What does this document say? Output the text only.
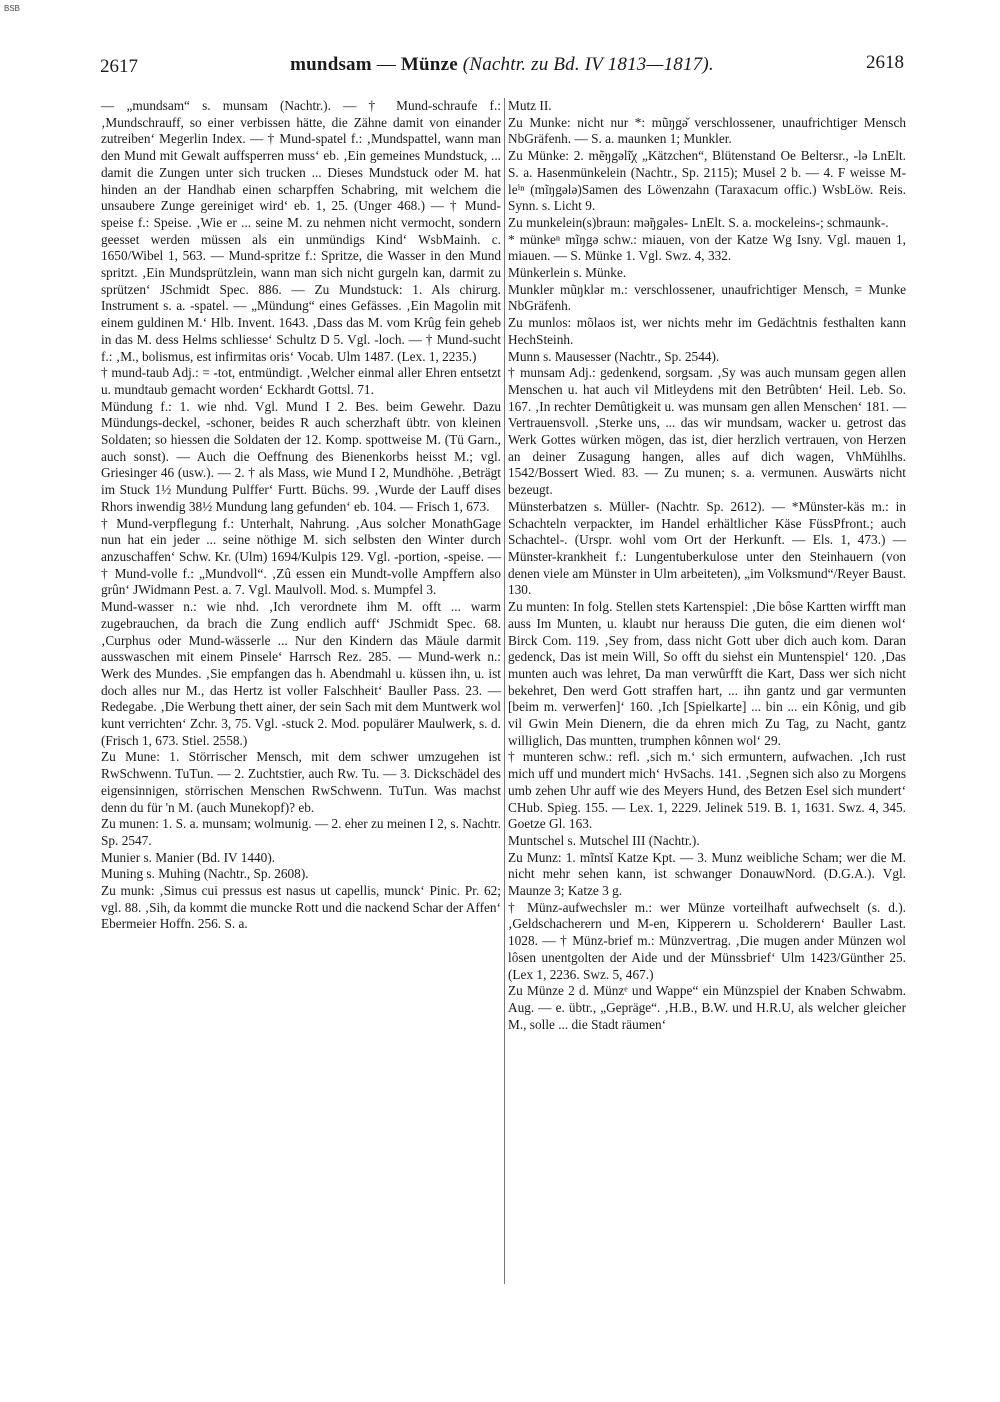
BSB
2617	mundsam — Münze (Nachtr. zu Bd. IV 1813—1817).	2618

— „mundsam“ s. munsam (Nachtr.). — † Mund-schraufe f.: ‚Mundschrauff, so einer verbissen hätte, die Zähne damit von einander zutreiben‘ Megerlin Index. — † Mund-spatel f.: ‚Mundspattel, wann man den Mund mit Gewalt auffsperren muss‘ eb. ‚Ein gemeines Mundstuck, ... damit die Zungen unter sich trucken ... Dieses Mundstuck oder M. hat hinden an der Handhab einen scharpffen Schabring, mit welchem die unsaubere Zunge gereiniget wird‘ eb. 1, 25. (Unger 468.) — † Mund-speise f.: Speise. ‚Wie er ... seine M. zu nehmen nicht vermocht, sondern geesset werden müssen als ein unmündigs Kind‘ WsbMainh. c. 1650/Wibel 1, 563. — Mund-spritze f.: Spritze, die Wasser in den Mund spritzt. ‚Ein Mundsprützlein, wann man sich nicht gurgeln kan, darmit zu sprützen‘ JSchmidt Spec. 886. — Zu Mundstuck: 1. Als chirurg. Instrument s. a. -spatel. — „Mündung“ eines Gefässes. ‚Ein Magolin mit einem guldinen M.‘ Hlb. Invent. 1643. ‚Dass das M. vom Krûg fein geheb in das M. dess Helms schliesse‘ Schultz D 5. Vgl. -loch. — † Mund-sucht f.: ‚M., bolismus, est infirmitas oris‘ Vocab. Ulm 1487. (Lex. 1, 2235.)
† mund-taub Adj.: = -tot, entmündigt. ‚Welcher einmal aller Ehren entsetzt u. mundtaub gemacht worden‘ Eckhardt Gottsl. 71.
Mündung f.: 1. wie nhd. Vgl. Mund I 2. Bes. beim Gewehr. Dazu Mündungs-deckel, -schoner, beides R auch scherzhaft übtr. von kleinen Soldaten; so hiessen die Soldaten der 12. Komp. spottweise M. (Tü Garn., auch sonst). — Auch die Oeffnung des Bienenkorbs heisst M.; vgl. Griesinger 46 (usw.). — 2. † als Mass, wie Mund I 2, Mundhöhe. ‚Beträgt im Stuck 1½ Mundung Pulffer‘ Furtt. Büchs. 99. ‚Wurde der Lauff dises Rhors inwendig 38½ Mundung lang gefunden‘ eb. 104. — Frisch 1, 673.
† Mund-verpflegung f.: Unterhalt, Nahrung. ‚Aus solcher MonathGage nun hat ein jeder ... seine nöthige M. sich selbsten den Winter durch anzuschaffen‘ Schw. Kr. (Ulm) 1694/Kulpis 129. Vgl. -portion, -speise. — † Mund-volle f.: „Mundvoll“. ‚Zû essen ein Mundt-volle Ampffern also grûn‘ JWidmann Pest. a. 7. Vgl. Maulvoll. Mod. s. Mumpfel 3.
Mund-wasser n.: wie nhd. ‚Ich verordnete ihm M. offt ... warm zugebrauchen, da brach die Zung endlich auff‘ JSchmidt Spec. 68. ‚Curphus oder Mund-wässerle ... Nur den Kindern das Mäule darmit ausswaschen mit einem Pinsele‘ Harrsch Rez. 285. — Mund-werk n.: Werk des Mundes. ‚Sie empfangen das h. Abendmahl u. küssen ihn, u. ist doch alles nur M., das Hertz ist voller Falschheit‘ Bauller Pass. 23. — Redegabe. ‚Die Werbung thett ainer, der sein Sach mit dem Muntwerk wol kunt verrichten‘ Zchr. 3, 75. Vgl. -stuck 2. Mod. populärer Maulwerk, s. d. (Frisch 1, 673. Stiel. 2558.)
Zu Mune: 1. Störrischer Mensch, mit dem schwer umzugehen ist RwSchwenn. TuTun. — 2. Zuchtstier, auch Rw. Tu. — 3. Dickschädel des eigensinnigen, störrischen Menschen RwSchwenn. TuTun. Was machst denn du für 'n M. (auch Munekopf)? eb.
Zu munen: 1. S. a. munsam; wolmunig. — 2. eher zu meinen I 2, s. Nachtr. Sp. 2547.
Munier s. Manier (Bd. IV 1440).
Muning s. Muhing (Nachtr., Sp. 2608).
Zu munk: ‚Simus cui pressus est nasus ut capellis, munck‘ Pinic. Pr. 62; vgl. 88. ‚Sih, da kommt die muncke Rott und die nackend Schar der Affen‘ Ebermeier Hoffn. 256. S. a.

Mutz II.
Zu Munke: nicht nur *: mũŋgə̌ verschlossener, unaufrichtiger Mensch NbGräfenh. — S. a. maunken 1; Munkler.
Zu Münke: 2. mẽŋgəlī̌χ „Kätzchen“, Blütenstand Oe Beltersr., -lə LnElt. S. a. Hasenmünkelein (Nachtr., Sp. 2115); Musel 2 b. — 4. F weisse M-leⁱⁿ (mĩŋgələ)Samen des Löwenzahn (Taraxacum offic.) WsbLöw. Reis. Synn. s. Licht 9.
Zu munkelein(s)braun: mə̃ŋgəles- LnElt. S. a. mockeleins-; schmaunk-.
* münkeⁿ mĩŋgə schw.: miauen, von der Katze Wg Isny. Vgl. mauen 1, miauen. — S. Münke 1. Vgl. Swz. 4, 332.
Münkerlein s. Münke.
Munkler mũŋklər m.: verschlossener, unaufrichtiger Mensch, = Munke NbGräfenh.
Zu munlos: mõlaos ist, wer nichts mehr im Gedächtnis festhalten kann HechSteinh.
Munn s. Mausesser (Nachtr., Sp. 2544).
† munsam Adj.: gedenkend, sorgsam. ‚Sy was auch munsam gegen allen Menschen u. hat auch vil Mitleydens mit den Betrûbten‘ Heil. Leb. So. 167. ‚In rechter Demûtigkeit u. was munsam gen allen Menschen‘ 181. — Vertrauensvoll. ‚Sterke uns, ... das wir mundsam, wacker u. getrost das Werk Gottes würken mögen, das ist, dier herzlich vertrauen, von Herzen an deiner Zusagung hangen, alles auf dich wagen, VhMühlhs. 1542/Bossert Wied. 83. — Zu munen; s. a. vermunen. Auswärts nicht bezeugt.
Münsterbatzen s. Müller- (Nachtr. Sp. 2612). — *Münster-käs m.: in Schachteln verpackter, im Handel erhältlicher Käse FüssPfront.; auch Schachtel-. (Urspr. wohl vom Ort der Herkunft. — Els. 1, 473.) — Münster-krankheit f.: Lungentuberkulose unter den Steinhauern (von denen viele am Münster in Ulm arbeiteten), „im Volksmund“/Reyer Baust. 130.
Zu munten: In folg. Stellen stets Kartenspiel: ‚Die bôse Kartten wirfft man auss Im Munten, u. klaubt nur herauss Die guten, die eim dienen wol‘ Birck Com. 119. ‚Sey from, dass nicht Gott uber dich auch kom. Daran gedenck, Das ist mein Will, So offt du siehst ein Muntenspiel‘ 120. ‚Das munten auch was lehret, Da man verwûrfft die Kart, Dass wer sich nicht bekehret, Den werd Gott straffen hart, ... ihn gantz und gar vermunten [beim m. verwerfen]‘ 160. ‚Ich [Spielkarte] ... bin ... ein Kônig, und gib vil Gwin Mein Dienern, die da ehren mich Zu Tag, zu Nacht, gantz williglich, Das muntten, trumphen kônnen wol‘ 29.
† munteren schw.: refl. ‚sich m.‘ sich ermuntern, aufwachen. ‚Ich rust mich uff und mundert mich‘ HvSachs. 141. ‚Segnen sich also zu Morgens umb zehen Uhr auff wie des Meyers Hund, des Betzen Esel sich mundert‘ CHub. Spieg. 155. — Lex. 1, 2229. Jelinek 519. B. 1, 1631. Swz. 4, 345. Goetze Gl. 163.
Muntschel s. Mutschel III (Nachtr.).
Zu Munz: 1. mĩntsĭ Katze Kpt. — 3. Munz weibliche Scham; wer die M. nicht mehr sehen kann, ist schwanger DonauwNord. (D.G.A.). Vgl. Maunze 3; Katze 3 g.
† Münz-aufwechsler m.: wer Münze vorteilhaft aufwechselt (s. d.). ‚Geldschacherern und M-en, Kipperern u. Scholderern‘ Bauller Last. 1028. — † Münz-brief m.: Münzvertrag. ‚Die mugen ander Münzen wol lôsen unentgolten der Aide und der Münssbrief‘ Ulm 1423/Günther 25. (Lex 1, 2236. Swz. 5, 467.)
Zu Münze 2 d. Münzᵉ und Wappe“ ein Münzspiel der Knaben Schwabm. Aug. — e. übtr., „Gepräge“. ‚H.B., B.W. und H.R.U, als welcher gleicher M., solle ... die Stadt räumen‘
